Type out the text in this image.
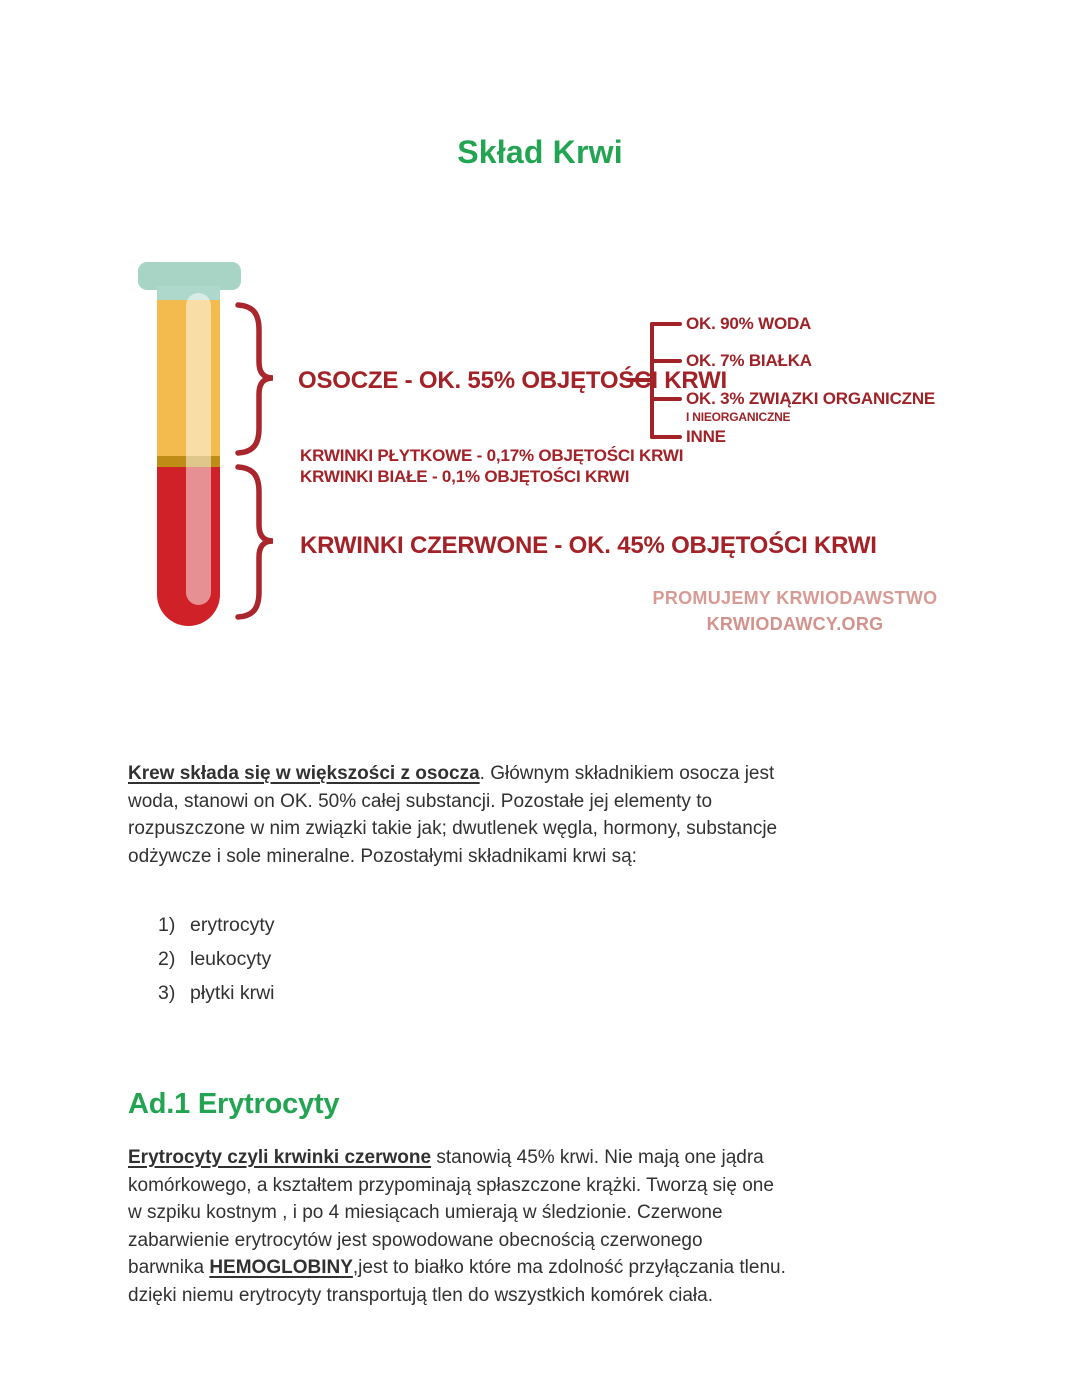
Skład Krwi
OSOCZE - OK. 55% OBJĘTOŚCI KRWI
KRWINKI PŁYTKOWE - 0,17% OBJĘTOŚCI KRWI
KRWINKI BIAŁE - 0,1% OBJĘTOŚCI KRWI
KRWINKI CZERWONE - OK. 45% OBJĘTOŚCI KRWI
OK. 90% WODA
OK. 7% BIAŁKA
OK. 3% ZWIĄZKI ORGANICZNE
I NIEORGANICZNE
INNE
PROMUJEMY KRWIODAWSTWO
KRWIODAWCY.ORG
Krew składa się w większości z osocza. Głównym składnikiem osocza jest
woda, stanowi on OK. 50% całej substancji. Pozostałe jej elementy to
rozpuszczone w nim związki takie jak; dwutlenek węgla, hormony, substancje
odżywcze i sole mineralne. Pozostałymi składnikami krwi są:
1) erytrocyty
2) leukocyty
3) płytki krwi
Ad.1 Erytrocyty
Erytrocyty czyli krwinki czerwone stanowią 45% krwi. Nie mają one jądra
komórkowego, a kształtem przypominają spłaszczone krążki. Tworzą się one
w szpiku kostnym , i po 4 miesiącach umierają w śledzionie. Czerwone
zabarwienie erytrocytów jest spowodowane obecnością czerwonego
barwnika HEMOGLOBINY,jest to białko które ma zdolność przyłączania tlenu.
dzięki niemu erytrocyty transportują tlen do wszystkich komórek ciała.
